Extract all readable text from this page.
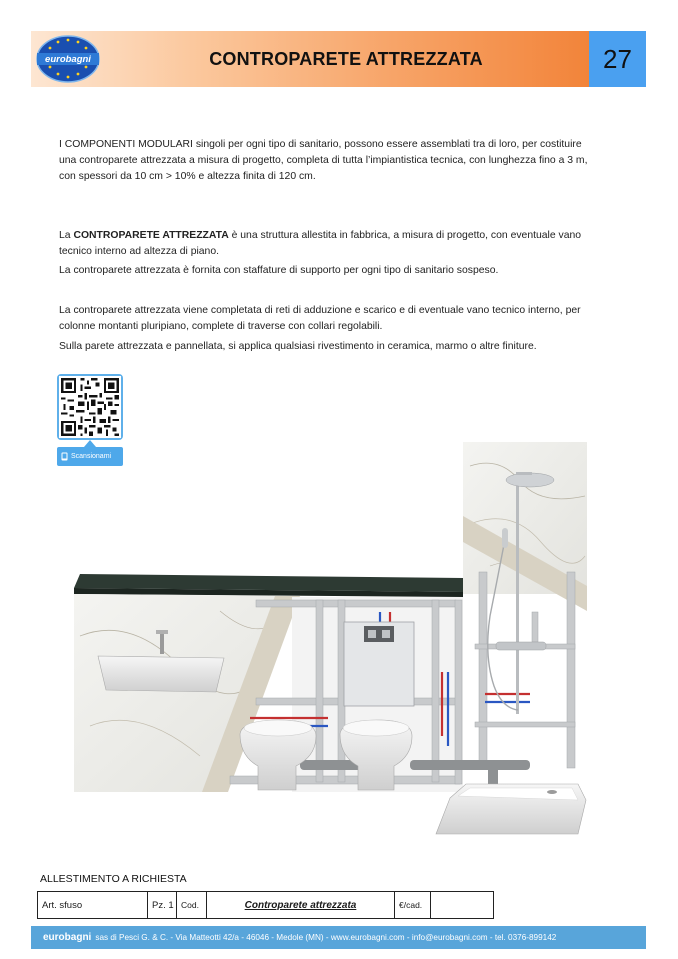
eurobagni	CONTROPARETE ATTREZZATA	27

I COMPONENTI MODULARI singoli per ogni tipo di sanitario, possono essere assemblati tra di loro, per costituire una controparete attrezzata a misura di progetto, completa di tutta l’impiantistica tecnica, con lunghezza fino a 3 m, con spessori da 10 cm > 10% e altezza finita di 120 cm.

La CONTROPARETE ATTREZZATA è una struttura allestita in fabbrica, a misura di progetto, con eventuale vano tecnico interno ad altezza di piano.

La controparete attrezzata è fornita con staffature di supporto per ogni tipo di sanitario sospeso.

La controparete attrezzata viene completata di reti di adduzione e scarico e di eventuale vano tecnico interno, per colonne montanti pluripiano, complete di traverse con collari regolabili.

Sulla parete attrezzata e pannellata, si applica qualsiasi rivestimento in ceramica, marmo o altre finiture.

Scansionami
ALLESTIMENTO A RICHIESTA
Art. sfuso	Pz. 1 Cod.	Controparete attrezzata	€/cad.
eurobagni sas di Pesci G. & C. - Via Matteotti 42/a - 46046 - Medole (MN) - www.eurobagni.com - info@eurobagni.com - tel. 0376-899142
